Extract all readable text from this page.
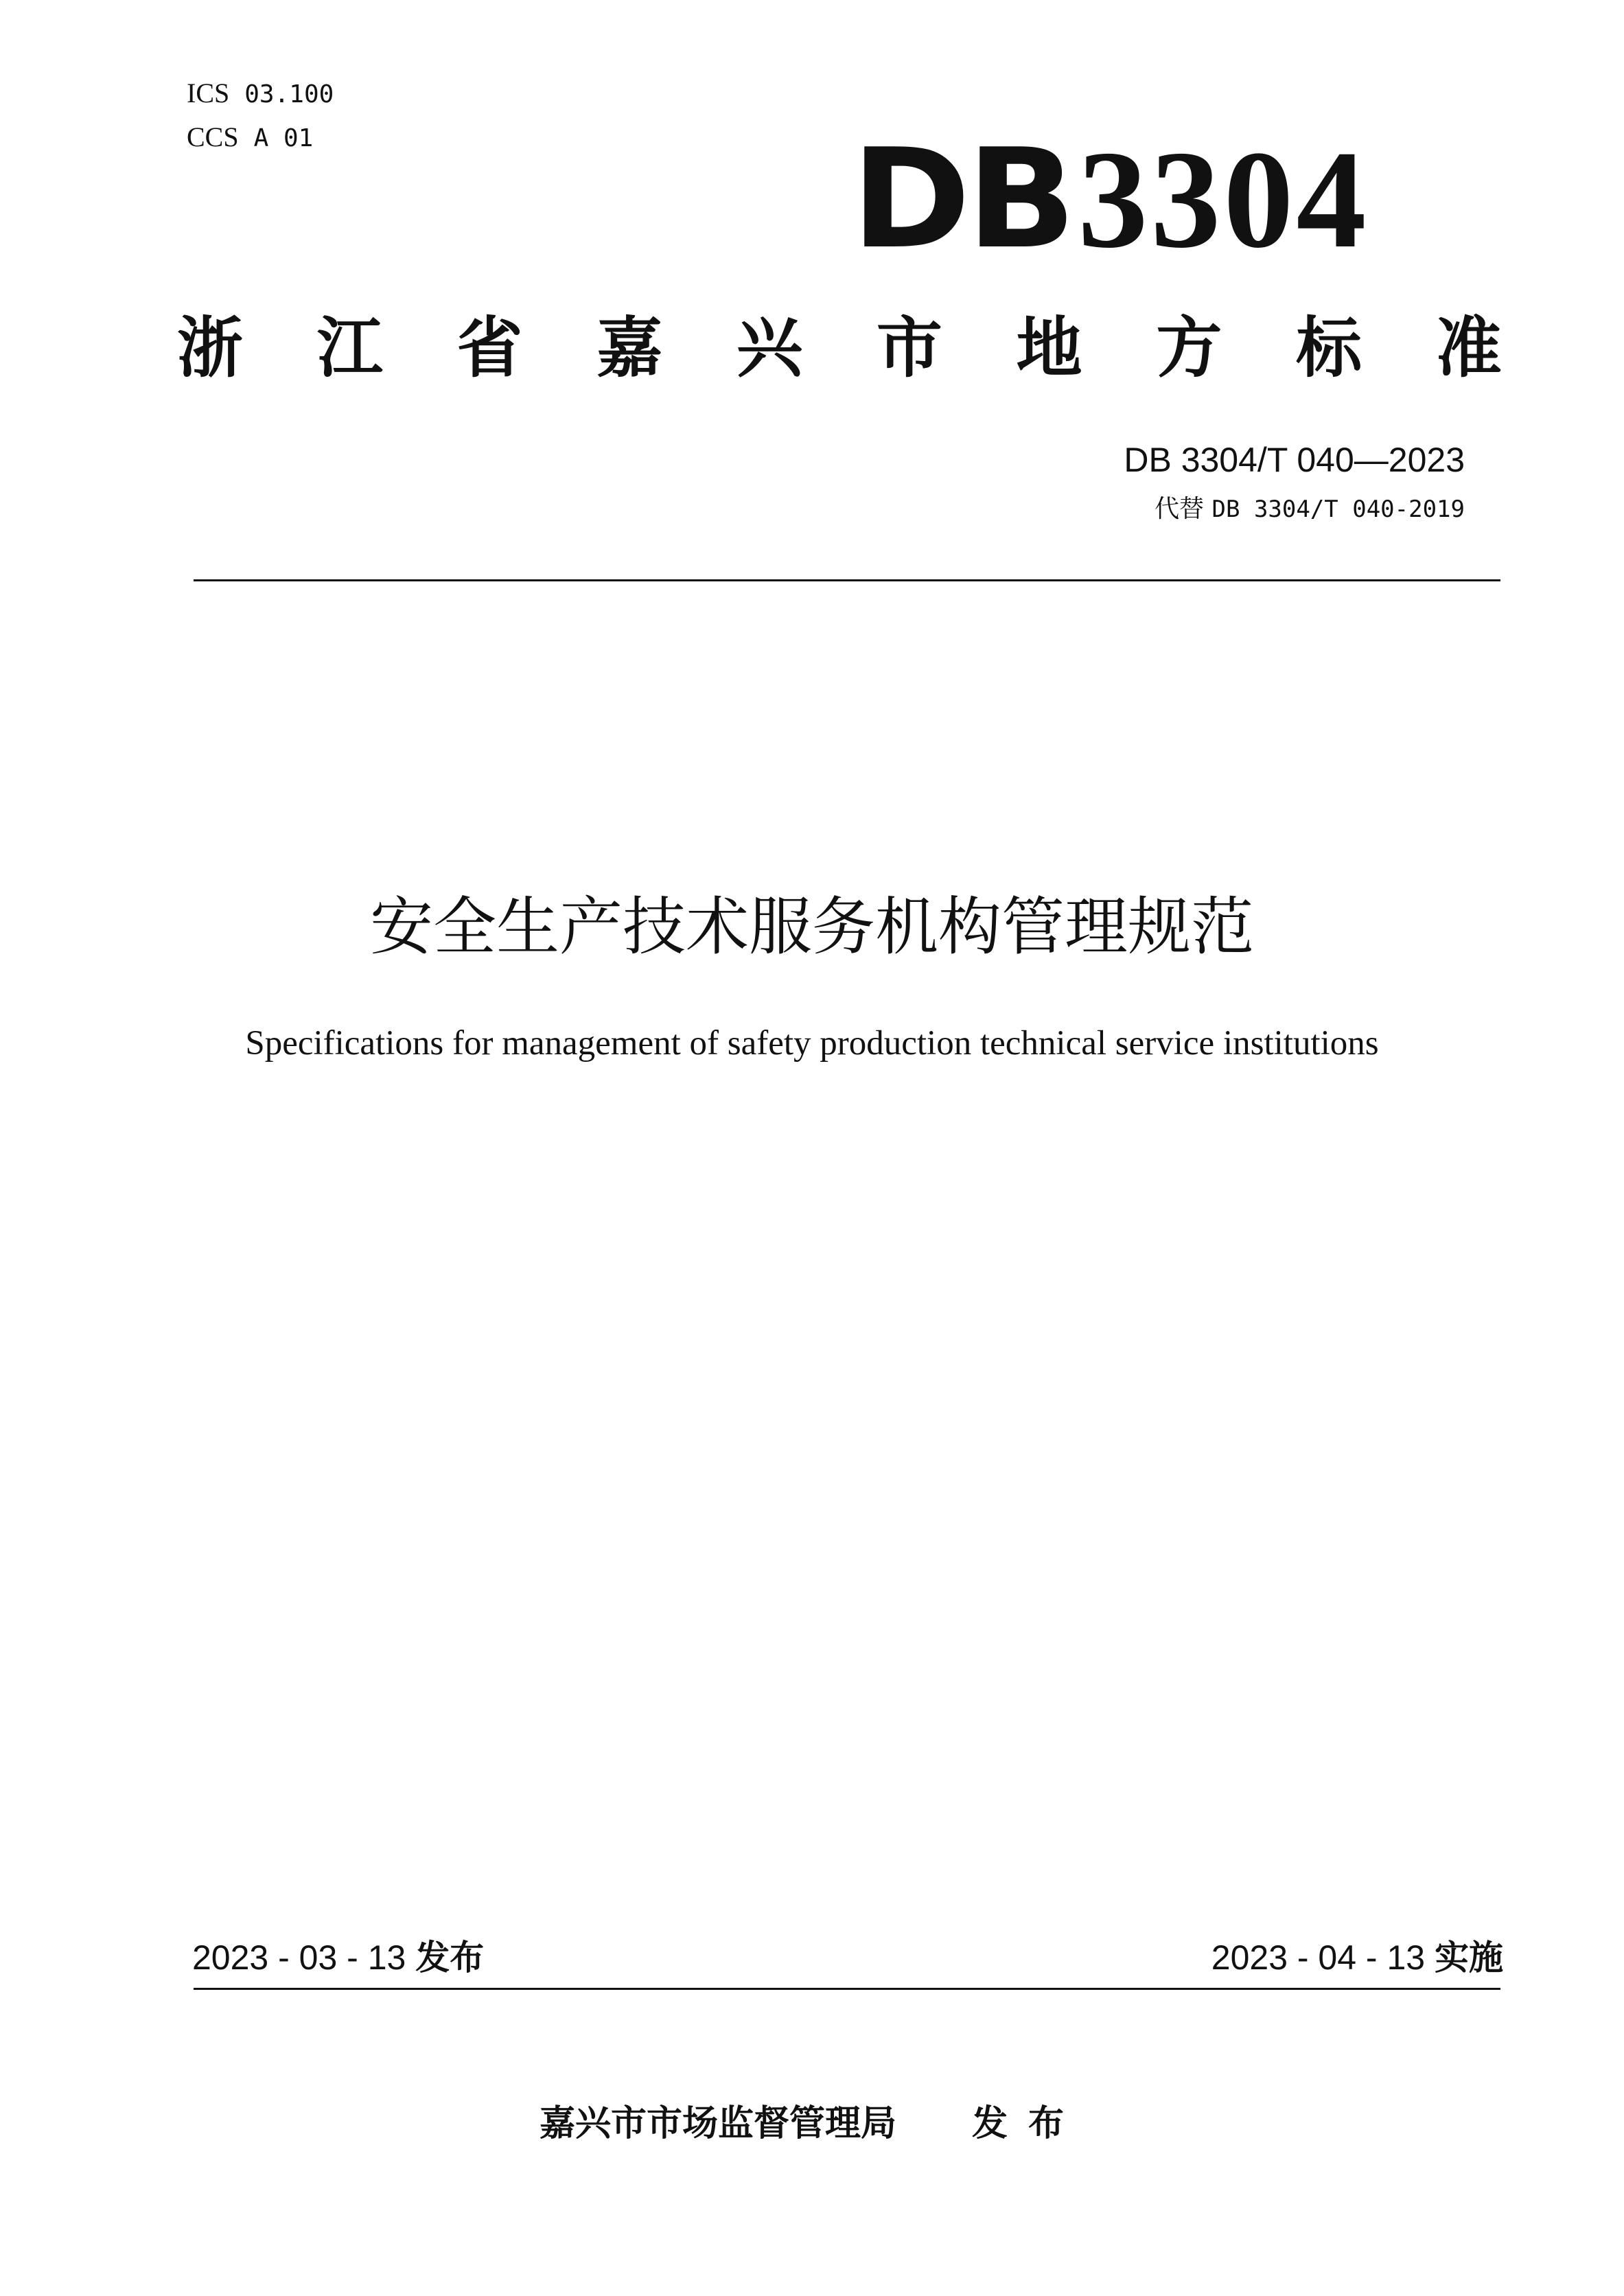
ICS 03.100
CCS A 01	DB 3304
浙 江 省 嘉 兴 市 地 方 标 准
DB 3304/T 040—2023
代替 DB 3304/T 040-2019
安全生产技术服务机构管理规范
Specifications for management of safety production technical service institutions
2023 - 03 - 13 发布	2023 - 04 - 13 实施
嘉兴市市场监督管理局 发布
